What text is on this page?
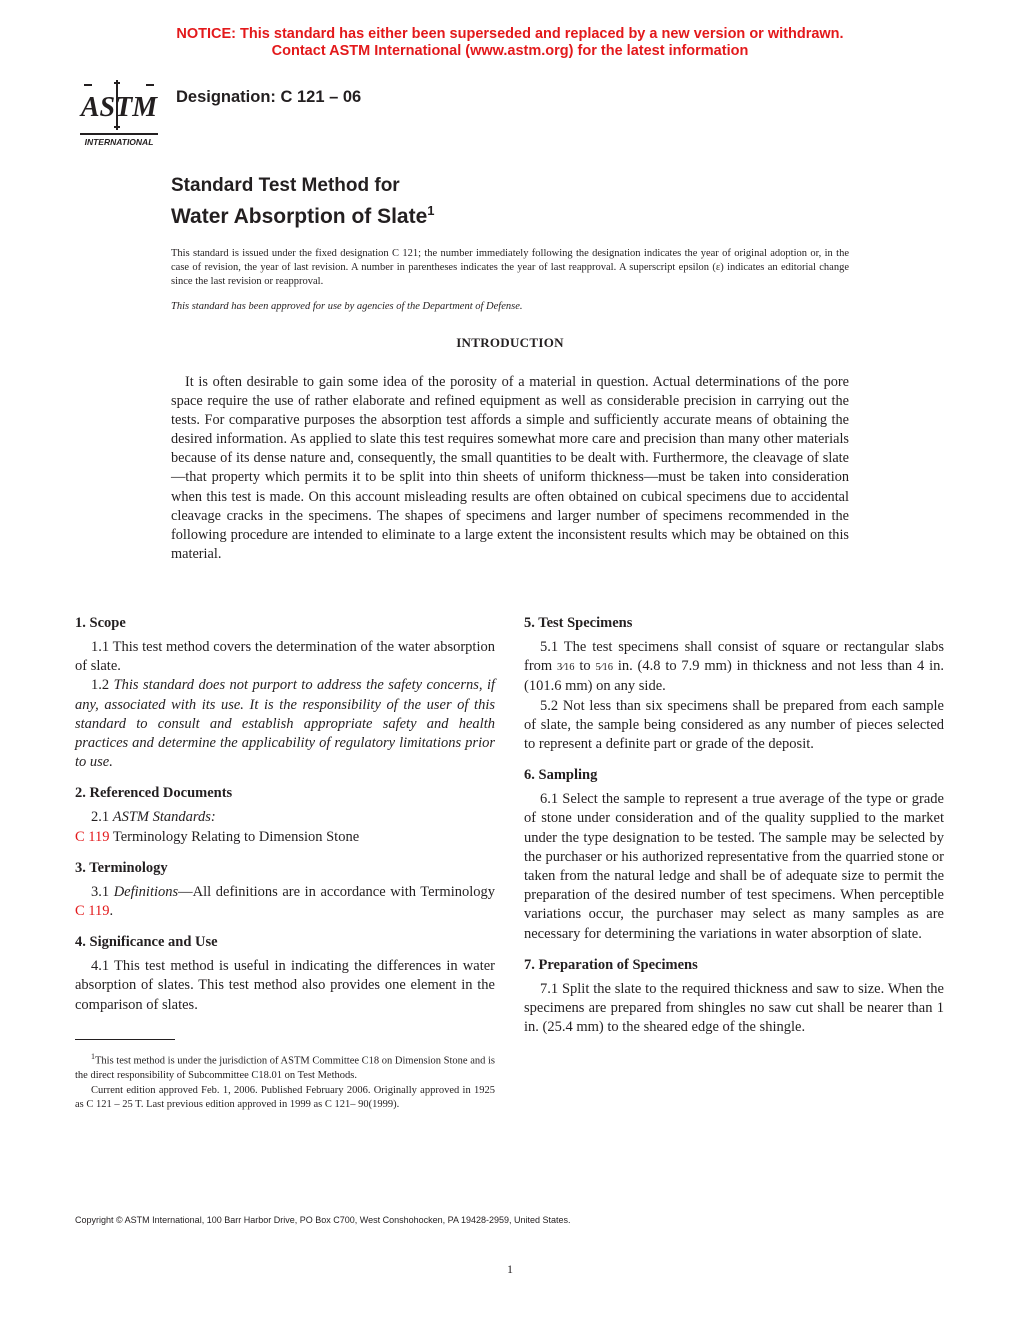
NOTICE: This standard has either been superseded and replaced by a new version or withdrawn.
Contact ASTM International (www.astm.org) for the latest information
ASTM
INTERNATIONAL
Designation: C 121 – 06
Standard Test Method for
Water Absorption of Slate$^1$
This standard is issued under the fixed designation C 121; the number immediately following the designation indicates the year of original adoption or, in the case of revision, the year of last revision. A number in parentheses indicates the year of last reapproval. A superscript epsilon (ε) indicates an editorial change since the last revision or reapproval.
This standard has been approved for use by agencies of the Department of Defense.
INTRODUCTION
It is often desirable to gain some idea of the porosity of a material in question. Actual determinations of the pore space require the use of rather elaborate and refined equipment as well as considerable precision in carrying out the tests. For comparative purposes the absorption test affords a simple and sufficiently accurate means of obtaining the desired information. As applied to slate this test requires somewhat more care and precision than many other materials because of its dense nature and, consequently, the small quantities to be dealt with. Furthermore, the cleavage of slate—that property which permits it to be split into thin sheets of uniform thickness—must be taken into consideration when this test is made. On this account misleading results are often obtained on cubical specimens due to accidental cleavage cracks in the specimens. The shapes of specimens and larger number of specimens recommended in the following procedure are intended to eliminate to a large extent the inconsistent results which may be obtained on this material.
1. Scope

1.1 This test method covers the determination of the water absorption of slate.

1.2 This standard does not purport to address the safety concerns, if any, associated with its use. It is the responsibility of the user of this standard to consult and establish appropriate safety and health practices and determine the applicability of regulatory limitations prior to use.

2. Referenced Documents

2.1 ASTM Standards:

C 119 Terminology Relating to Dimension Stone

3. Terminology

3.1 Definitions—All definitions are in accordance with Terminology C 119.

4. Significance and Use

4.1 This test method is useful in indicating the differences in water absorption of slates. This test method also provides one element in the comparison of slates.

5. Test Specimens

5.1 The test specimens shall consist of square or rectangular slabs from 3⁄16 to 5⁄16 in. (4.8 to 7.9 mm) in thickness and not less than 4 in. (101.6 mm) on any side.

5.2 Not less than six specimens shall be prepared from each sample of slate, the sample being considered as any number of pieces selected to represent a definite part or grade of the deposit.

6. Sampling

6.1 Select the sample to represent a true average of the type or grade of stone under consideration and of the quality supplied to the market under the type designation to be tested. The sample may be selected by the purchaser or his authorized representative from the quarried stone or taken from the natural ledge and shall be of adequate size to permit the preparation of the desired number of test specimens. When perceptible variations occur, the purchaser may select as many samples as are necessary for determining the variations in water absorption of slate.

7. Preparation of Specimens

7.1 Split the slate to the required thickness and saw to size. When the specimens are prepared from shingles no saw cut shall be nearer than 1 in. (25.4 mm) to the sheared edge of the shingle.

$^1$This test method is under the jurisdiction of ASTM Committee C18 on Dimension Stone and is the direct responsibility of Subcommittee C18.01 on Test Methods.

Current edition approved Feb. 1, 2006. Published February 2006. Originally approved in 1925 as C 121 – 25 T. Last previous edition approved in 1999 as C 121– 90(1999).

Copyright © ASTM International, 100 Barr Harbor Drive, PO Box C700, West Conshohocken, PA 19428-2959, United States.
1
